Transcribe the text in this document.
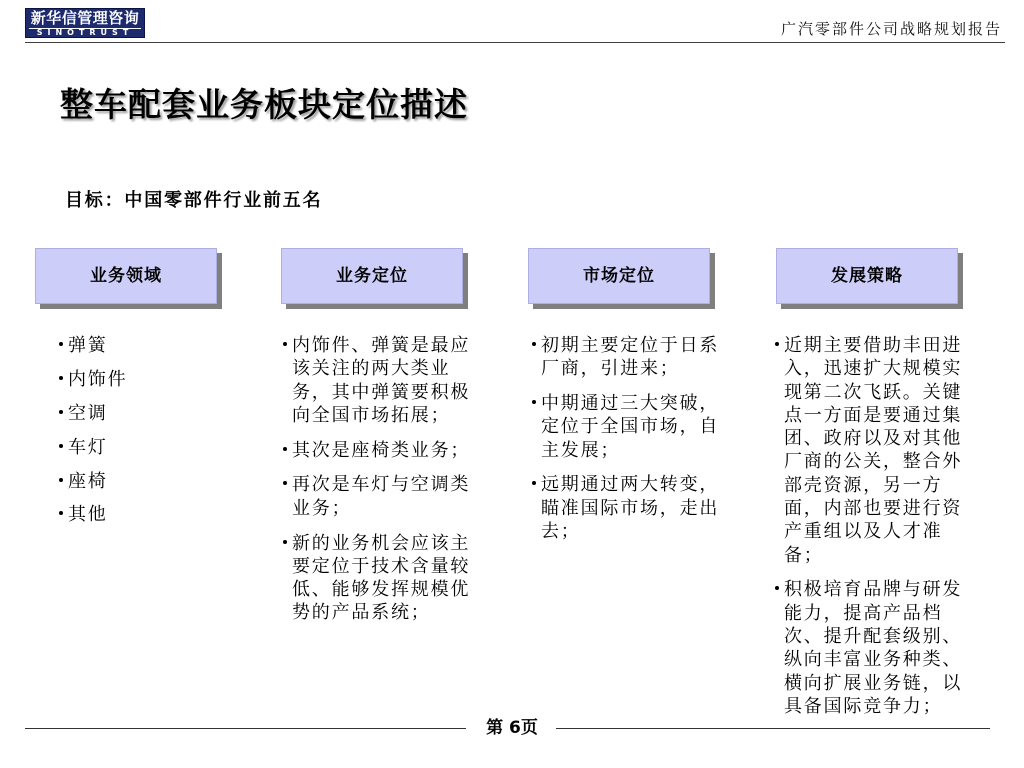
新华信管理咨询
SINOTRUST	广汽零部件公司战略规划报告
整车配套业务板块定位描述
目标：中国零部件行业前五名
业务领域	业务定位	市场定位	发展策略
弹簧
内饰件
空调
车灯
座椅
其他
内饰件、弹簧是最应
该关注的两大类业
务，其中弹簧要积极
向全国市场拓展；
其次是座椅类业务；
再次是车灯与空调类
业务；
新的业务机会应该主
要定位于技术含量较
低、能够发挥规模优
势的产品系统；
初期主要定位于日系
厂商，引进来；
中期通过三大突破，
定位于全国市场，自
主发展；
远期通过两大转变，
瞄准国际市场，走出
去；
近期主要借助丰田进
入，迅速扩大规模实
现第二次飞跃。关键
点一方面是要通过集
团、政府以及对其他
厂商的公关，整合外
部壳资源，另一方
面，内部也要进行资
产重组以及人才准
备；
积极培育品牌与研发
能力，提高产品档
次、提升配套级别、
纵向丰富业务种类、
横向扩展业务链，以
具备国际竞争力；
第 6页
